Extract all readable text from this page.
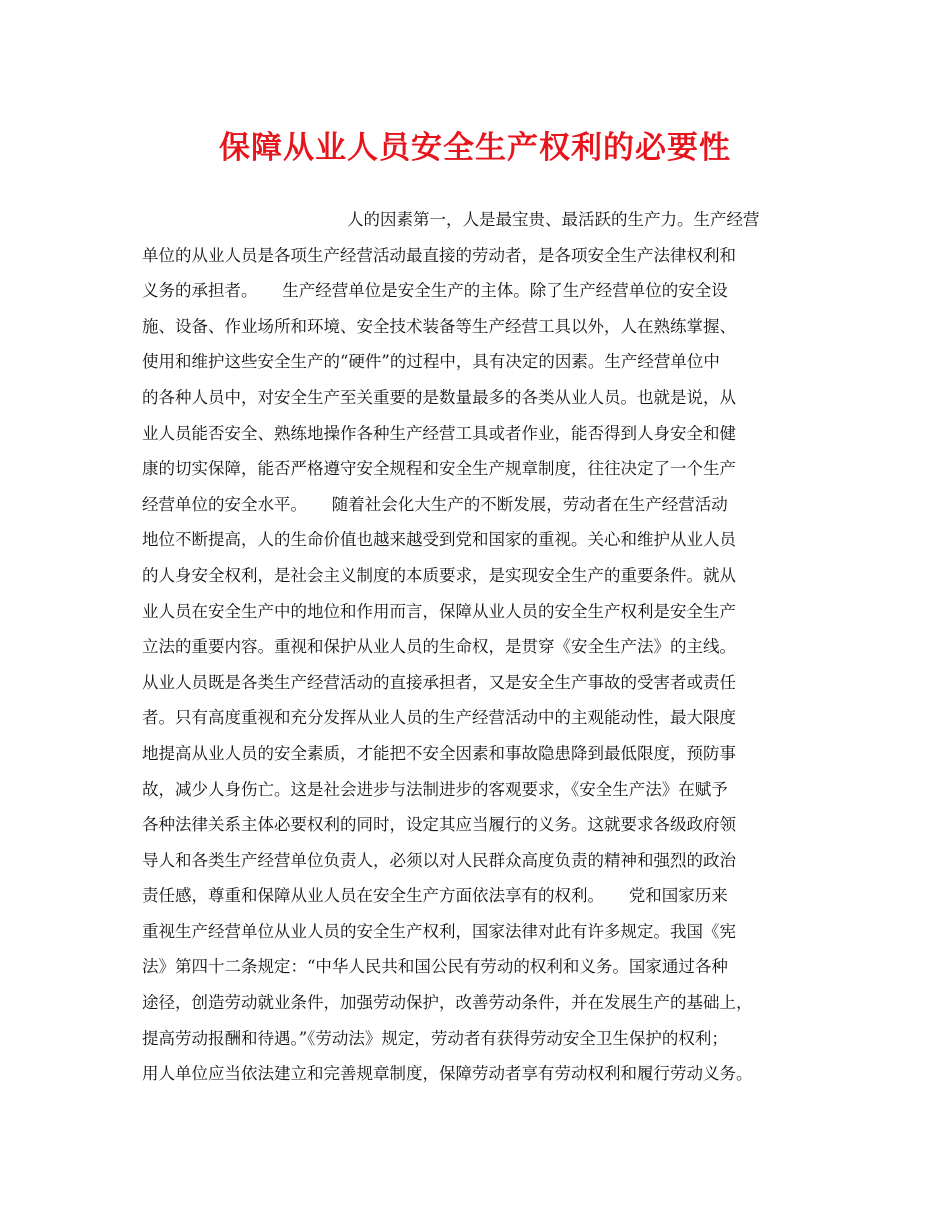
保障从业人员安全生产权利的必要性
人的因素第一，人是最宝贵、最活跃的生产力。生产经营
单位的从业人员是各项生产经营活动最直接的劳动者，是各项安全生产法律权利和
义务的承担者。　　生产经营单位是安全生产的主体。除了生产经营单位的安全设
施、设备、作业场所和环境、安全技术装备等生产经营工具以外，人在熟练掌握、
使用和维护这些安全生产的“硬件”的过程中，具有决定的因素。生产经营单位中
的各种人员中，对安全生产至关重要的是数量最多的各类从业人员。也就是说，从
业人员能否安全、熟练地操作各种生产经营工具或者作业，能否得到人身安全和健
康的切实保障，能否严格遵守安全规程和安全生产规章制度，往往决定了一个生产
经营单位的安全水平。　　随着社会化大生产的不断发展，劳动者在生产经营活动
地位不断提高，人的生命价值也越来越受到党和国家的重视。关心和维护从业人员
的人身安全权利，是社会主义制度的本质要求，是实现安全生产的重要条件。就从
业人员在安全生产中的地位和作用而言，保障从业人员的安全生产权利是安全生产
立法的重要内容。重视和保护从业人员的生命权，是贯穿《安全生产法》的主线。
从业人员既是各类生产经营活动的直接承担者，又是安全生产事故的受害者或责任
者。只有高度重视和充分发挥从业人员的生产经营活动中的主观能动性，最大限度
地提高从业人员的安全素质，才能把不安全因素和事故隐患降到最低限度，预防事
故，减少人身伤亡。这是社会进步与法制进步的客观要求，《安全生产法》在赋予
各种法律关系主体必要权利的同时，设定其应当履行的义务。这就要求各级政府领
导人和各类生产经营单位负责人，必须以对人民群众高度负责的精神和强烈的政治
责任感，尊重和保障从业人员在安全生产方面依法享有的权利。　　党和国家历来
重视生产经营单位从业人员的安全生产权利，国家法律对此有许多规定。我国《宪
法》第四十二条规定：“中华人民共和国公民有劳动的权利和义务。国家通过各种
途径，创造劳动就业条件，加强劳动保护，改善劳动条件，并在发展生产的基础上，
提高劳动报酬和待遇。”《劳动法》规定，劳动者有获得劳动安全卫生保护的权利；
用人单位应当依法建立和完善规章制度，保障劳动者享有劳动权利和履行劳动义务。
